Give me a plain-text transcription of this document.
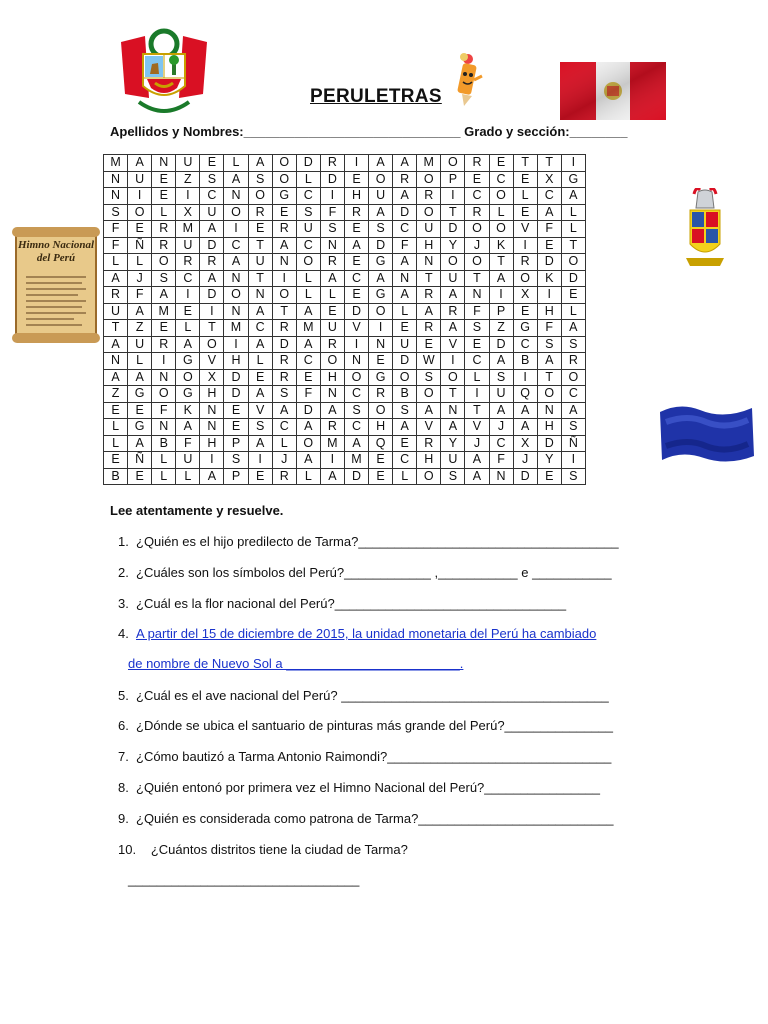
PERULETRAS
Apellidos y Nombres:______________________________ Grado y sección:________
Himno Nacional
del Perú
M	A	N	U	E	L	A	O	D	R	I	A	A	M	O	R	E	T	T	I
N	U	E	Z	S	A	S	O	L	D	E	O	R	O	P	E	C	E	X	G
N	I	E	I	C	N	O	G	C	I	H	U	A	R	I	C	O	L	C	A
S	O	L	X	U	O	R	E	S	F	R	A	D	O	T	R	L	E	A	L
F	E	R	M	A	I	E	R	U	S	E	S	C	U	D	O	O	V	F	L
F	Ñ	R	U	D	C	T	A	C	N	A	D	F	H	Y	J	K	I	E	T
L	L	O	R	R	A	U	N	O	R	E	G	A	N	O	O	T	R	D	O
A	J	S	C	A	N	T	I	L	A	C	A	N	T	U	T	A	O	K	D
R	F	A	I	D	O	N	O	L	L	E	G	A	R	A	N	I	X	I	E
U	A	M	E	I	N	A	T	A	E	D	O	L	A	R	F	P	E	H	L
T	Z	E	L	T	M	C	R	M	U	V	I	E	R	A	S	Z	G	F	A
A	U	R	A	O	I	A	D	A	R	I	N	U	E	V	E	D	C	S	S
N	L	I	G	V	H	L	R	C	O	N	E	D	W	I	C	A	B	A	R
A	A	N	O	X	D	E	R	E	H	O	G	O	S	O	L	S	I	T	O
Z	G	O	G	H	D	A	S	F	N	C	R	B	O	T	I	U	Q	O	C
E	E	F	K	N	E	V	A	D	A	S	O	S	A	N	T	A	A	N	A
L	G	N	A	N	E	S	C	A	R	C	H	A	V	A	V	J	A	H	S
L	A	B	F	H	P	A	L	O	M	A	Q	E	R	Y	J	C	X	D	Ñ
E	Ñ	L	U	I	S	I	J	A	I	M	E	C	H	U	A	F	J	Y	I
B	E	L	L	A	P	E	R	L	A	D	E	L	O	S	A	N	D	E	S
Lee atentamente y resuelve.
1. ¿Quién es el hijo predilecto de Tarma?____________________________________
2. ¿Cuáles son los símbolos del Perú?____________ ,___________ e ___________
3. ¿Cuál es la flor nacional del Perú?________________________________
4. A partir del 15 de diciembre de 2015, la unidad monetaria del Perú ha cambiado
de nombre de Nuevo Sol a ________________________.
5. ¿Cuál es el ave nacional del Perú? _____________________________________
6. ¿Dónde se ubica el santuario de pinturas más grande del Perú?_______________
7. ¿Cómo bautizó a Tarma Antonio Raimondi?_______________________________
8. ¿Quién entonó por primera vez el Himno Nacional del Perú?________________
9. ¿Quién es considerada como patrona de Tarma?___________________________
10.   ¿Cuántos distritos tiene la ciudad de Tarma?
________________________________
